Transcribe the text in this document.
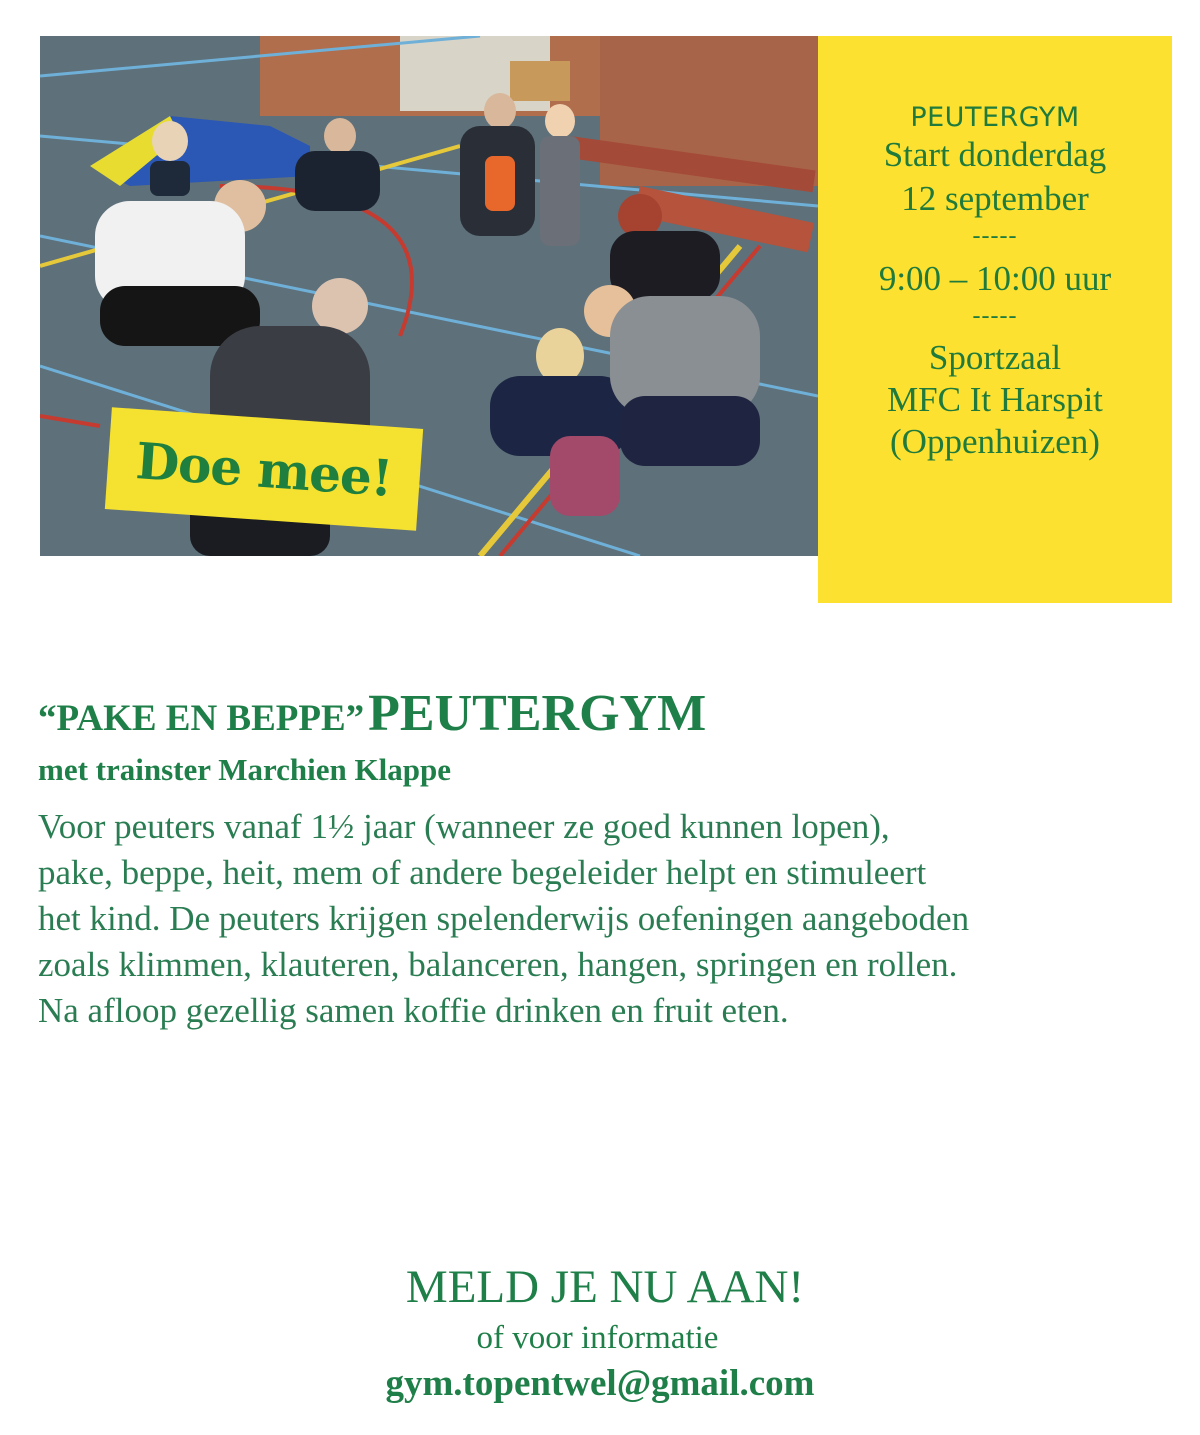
Doe mee!
PEUTERGYM
Start donderdag
12 september
-----
9:00 – 10:00 uur
-----
Sportzaal
MFC It Harspit
(Oppenhuizen)
“PAKE EN BEPPE” PEUTERGYM
met trainster Marchien Klappe
Voor peuters vanaf 1½ jaar (wanneer ze goed kunnen lopen),
pake, beppe, heit, mem of andere begeleider helpt en stimuleert
het kind. De peuters krijgen spelenderwijs oefeningen aangeboden
zoals klimmen, klauteren, balanceren, hangen, springen en rollen.
Na afloop gezellig samen koffie drinken en fruit eten.
MELD JE NU AAN!
of voor informatie
gym.topentwel@gmail.com
